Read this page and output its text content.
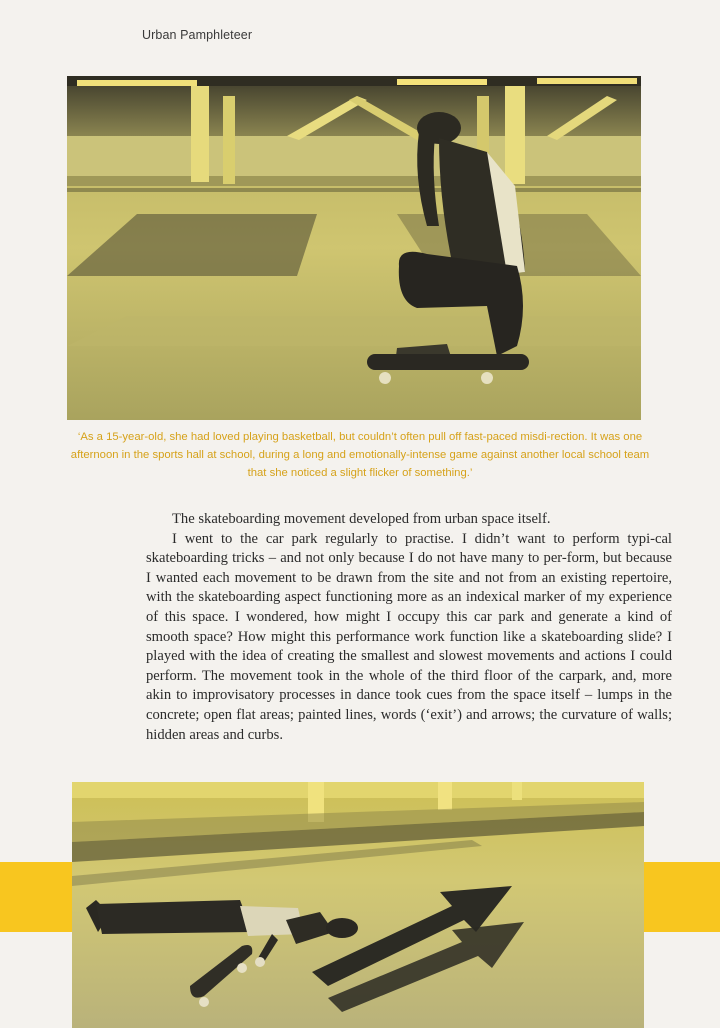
Urban Pamphleteer
‘As a 15-year-old, she had loved playing basketball, but couldn’t often pull off fast-paced misdi-rection. It was one afternoon in the sports hall at school, during a long and emotionally-intense game against another local school team that she noticed a slight flicker of something.’

The skateboarding movement developed from urban space itself.

I went to the car park regularly to practise. I didn’t want to perform typi-cal skateboarding tricks – and not only because I do not have many to per-form, but because I wanted each movement to be drawn from the site and not from an existing repertoire, with the skateboarding aspect functioning more as an indexical marker of my experience of this space. I wondered, how might I occupy this car park and generate a kind of smooth space? How might this performance work function like a skateboarding slide? I played with the idea of creating the smallest and slowest movements and actions I could perform. The movement took in the whole of the third floor of the carpark, and, more akin to improvisatory processes in dance took cues from the space itself – lumps in the concrete; open flat areas; painted lines, words (‘exit’) and arrows; the curvature of walls; hidden areas and curbs.
